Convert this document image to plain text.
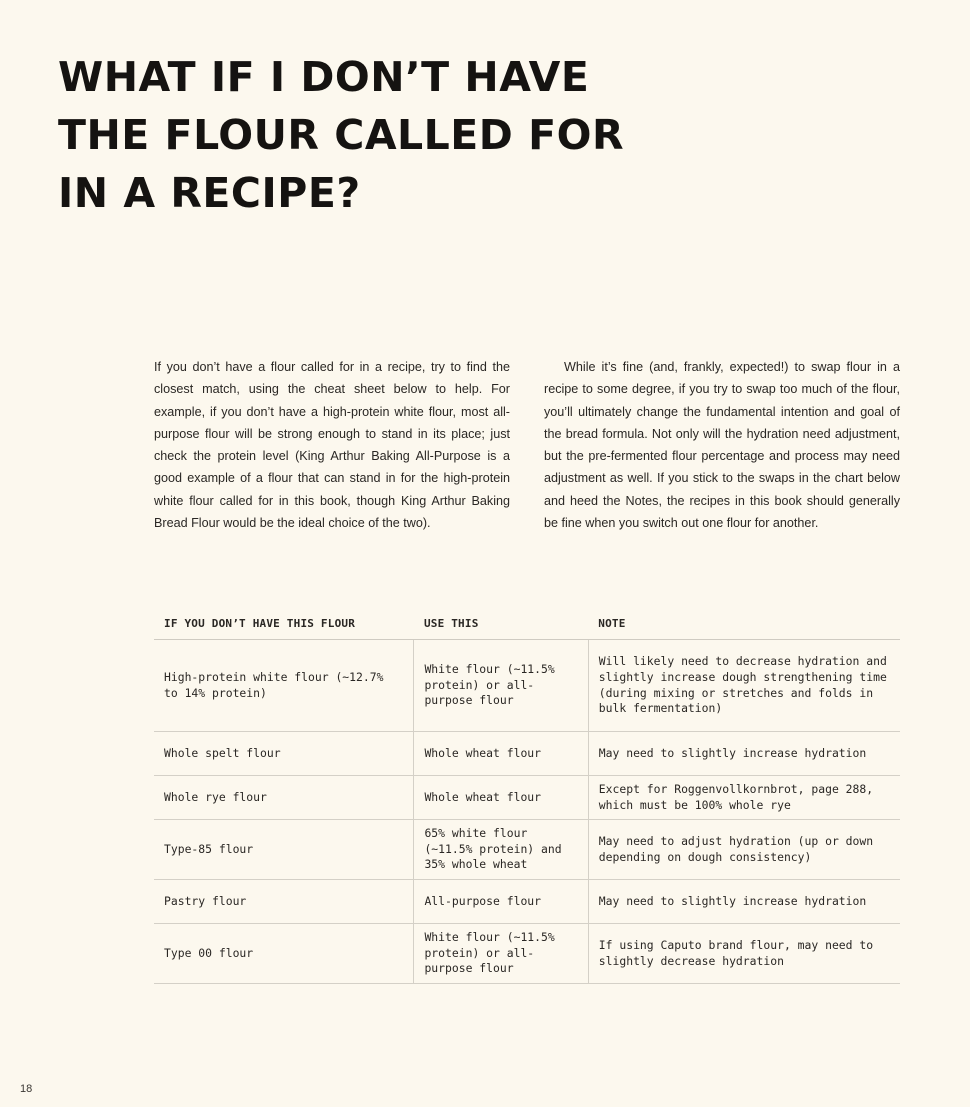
WHAT IF I DON’T HAVE
THE FLOUR CALLED FOR
IN A RECIPE?

If you don’t have a flour called for in a recipe, try to find the closest match, using the cheat sheet below to help. For example, if you don’t have a high-protein white flour, most all-purpose flour will be strong enough to stand in its place; just check the protein level (King Arthur Baking All-Purpose is a good example of a flour that can stand in for the high-protein white flour called for in this book, though King Arthur Baking Bread Flour would be the ideal choice of the two).

While it’s fine (and, frankly, expected!) to swap flour in a recipe to some degree, if you try to swap too much of the flour, you’ll ultimately change the fundamental intention and goal of the bread formula. Not only will the hydration need adjustment, but the pre-fermented flour percentage and process may need adjustment as well. If you stick to the swaps in the chart below and heed the Notes, the recipes in this book should generally be fine when you switch out one flour for another.

IF YOU DON’T HAVE THIS FLOUR	USE THIS	NOTE
High-protein white flour (~12.7% to 14% protein)	White flour (~11.5% protein) or all-purpose flour	Will likely need to decrease hydration and slightly increase dough strengthening time (during mixing or stretches and folds in bulk fermentation)
Whole spelt flour	Whole wheat flour	May need to slightly increase hydration
Whole rye flour	Whole wheat flour	Except for Roggenvollkornbrot, page 288, which must be 100% whole rye
Type-85 flour	65% white flour (~11.5% protein) and 35% whole wheat	May need to adjust hydration (up or down depending on dough consistency)
Pastry flour	All-purpose flour	May need to slightly increase hydration
Type 00 flour	White flour (~11.5% protein) or all-purpose flour	If using Caputo brand flour, may need to slightly decrease hydration
18
